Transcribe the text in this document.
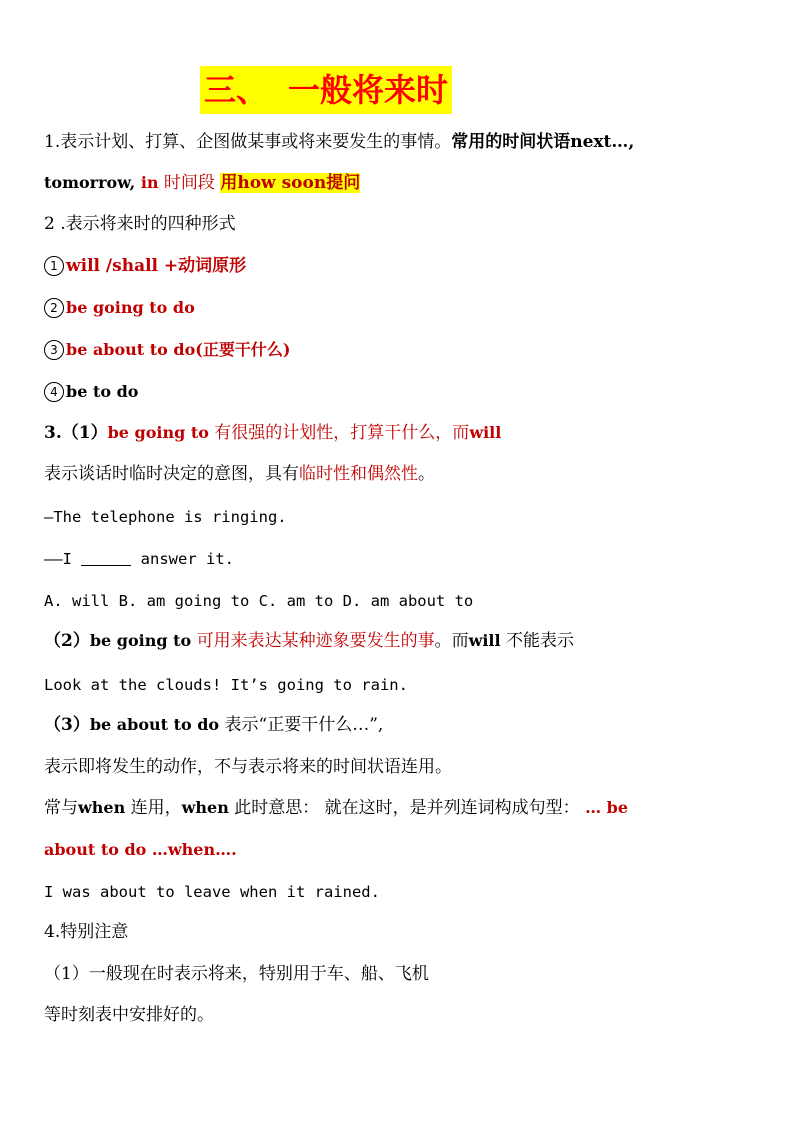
三、 一般将来时
1.表示计划、打算、企图做某事或将来要发生的事情。常用的时间状语next…,
tomorrow, in 时间段 用how soon提问
2 .表示将来时的四种形式
1 will /shall +动词原形
2 be going to do
3 be about to do(正要干什么)
4 be to do
3.（1）be going to 有很强的计划性，打算干什么，而will
表示谈话时临时决定的意图，具有临时性和偶然性。
—The telephone is ringing.
——I	answer it.
A. will B. am going to C. am to D. am about to
（2）be going to 可用来表达某种迹象要发生的事。而will 不能表示
Look at the clouds! It’s going to rain.
（3）be about to do 表示“正要干什么…”,
表示即将发生的动作，不与表示将来的时间状语连用。
常与when 连用，when 此时意思： 就在这时，是并列连词构成句型： … be
about to do …when….
I was about to leave when it rained.
4.特别注意
（1）一般现在时表示将来，特别用于车、船、飞机
等时刻表中安排好的。
